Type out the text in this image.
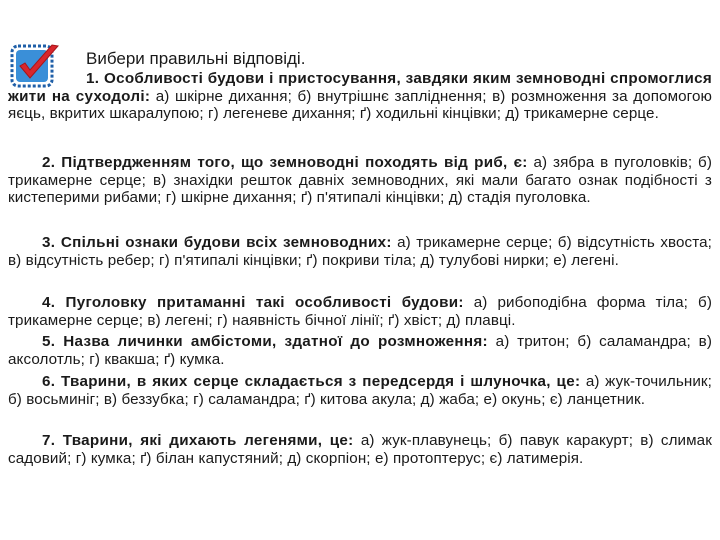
Вибери правильні відповіді.
1. Особливості будови і пристосування, завдяки яким земноводні спромоглися жити на суходолі: а) шкірне дихання; б) внутрішнє запліднення; в) розмноження за допомогою яєць, вкритих шкаралупою; г) легеневе дихання; ґ) ходильні кінцівки; д) трикамерне серце.
2. Підтвердженням того, що земноводні походять від риб, є: а) зябра в пуголовків; б) трикамерне серце; в) знахідки решток давніх земноводних, які мали багато ознак подібності з кистеперими рибами; г) шкірне дихання; ґ) п'ятипалі кінцівки; д) стадія пуголовка.
3. Спільні ознаки будови всіх земноводних: а) трикамерне серце; б) відсутність хвоста; в) відсутність ребер; г) п'ятипалі кінцівки; ґ) покриви тіла; д) тулубові нирки; е) легені.
4. Пуголовку притаманні такі особливості будови: а) рибоподібна форма тіла; б) трикамерне серце; в) легені; г) наявність бічної лінії; ґ) хвіст; д) плавці.
5. Назва личинки амбістоми, здатної до розмноження: а) тритон; б) саламандра; в) аксолотль; г) квакша; ґ) кумка.
6. Тварини, в яких серце складається з передсердя і шлуночка, це: а) жук-точильник; б) восьминіг; в) беззубка; г) саламандра; ґ) китова акула; д) жаба; е) окунь; є) ланцетник.
7. Тварини, які дихають легенями, це: а) жук-плавунець; б) павук каракурт; в) слимак садовий; г) кумка; ґ) білан капустяний; д) скорпіон; е) протоптерус; є) латимерія.
